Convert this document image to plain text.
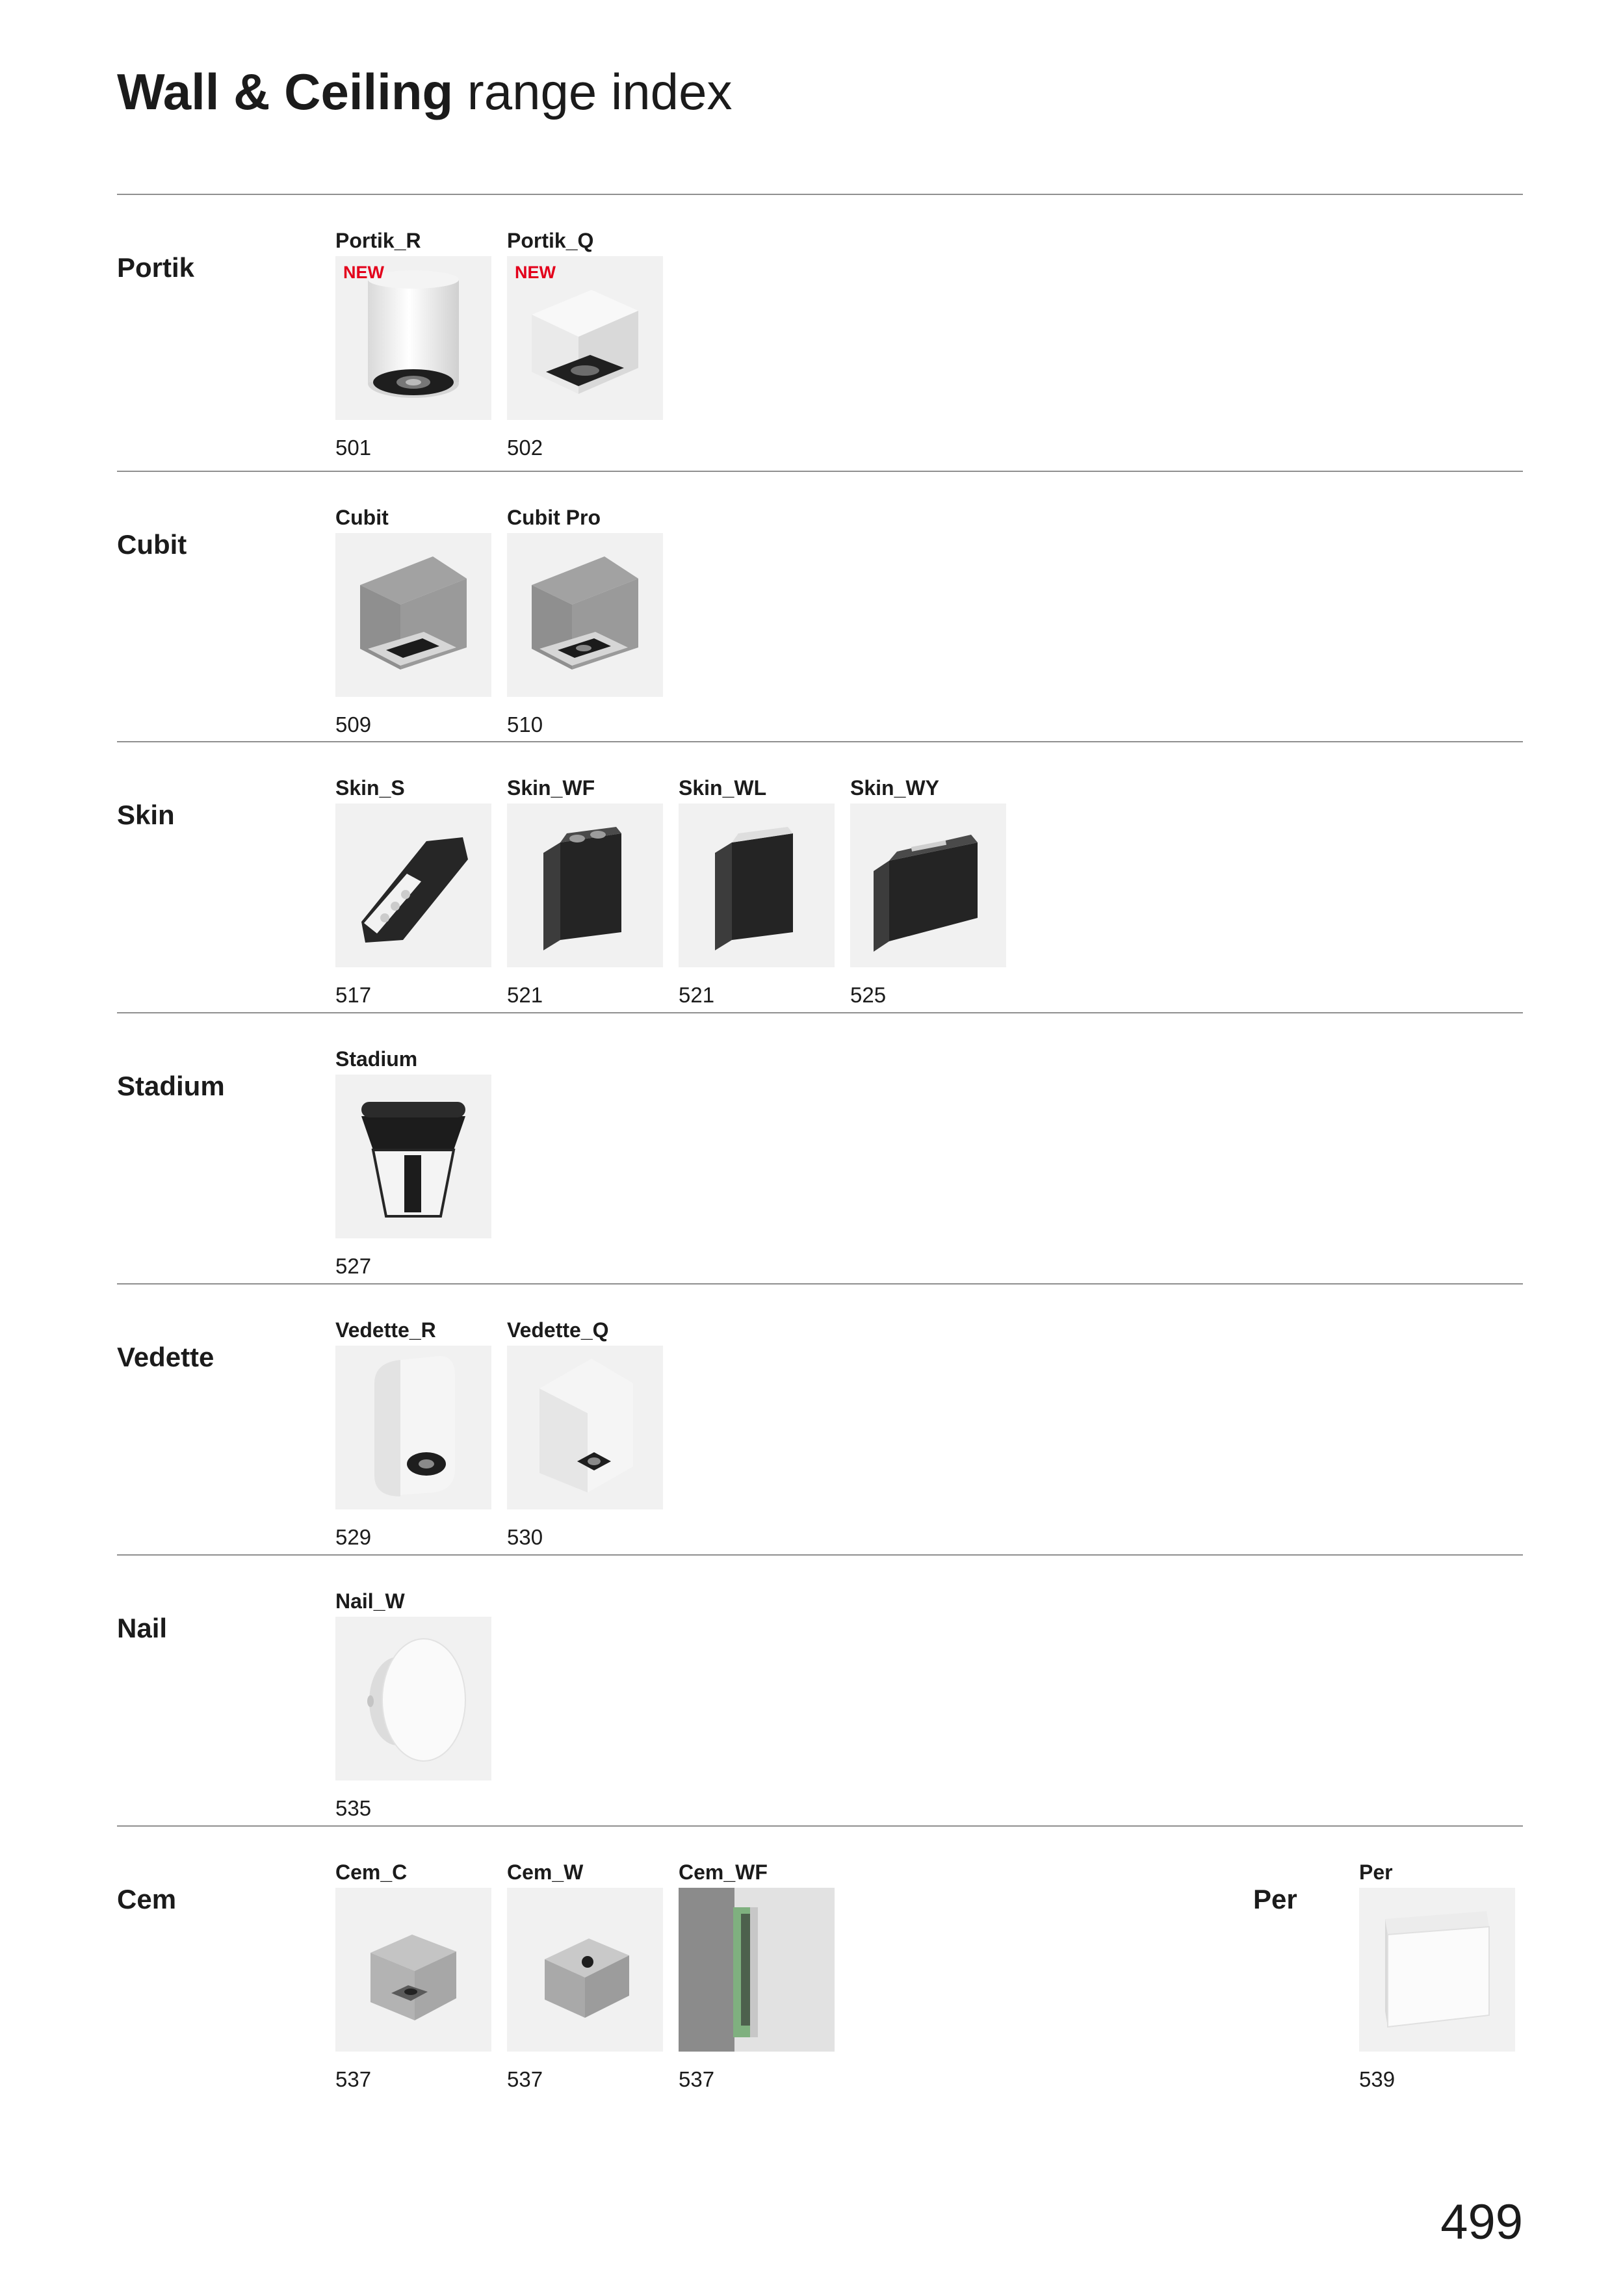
Wall & Ceiling range index
Portik
Portik_R
NEW
501
Portik_Q
NEW
502
Cubit
Cubit
509
Cubit Pro
510
Skin
Skin_S
517
Skin_WF
521
Skin_WL
521
Skin_WY
525
Stadium
Stadium
527
Vedette
Vedette_R
529
Vedette_Q
530
Nail
Nail_W
535
Cem
Cem_C
537
Cem_W
537
Cem_WF
537
Per
Per
539
499
